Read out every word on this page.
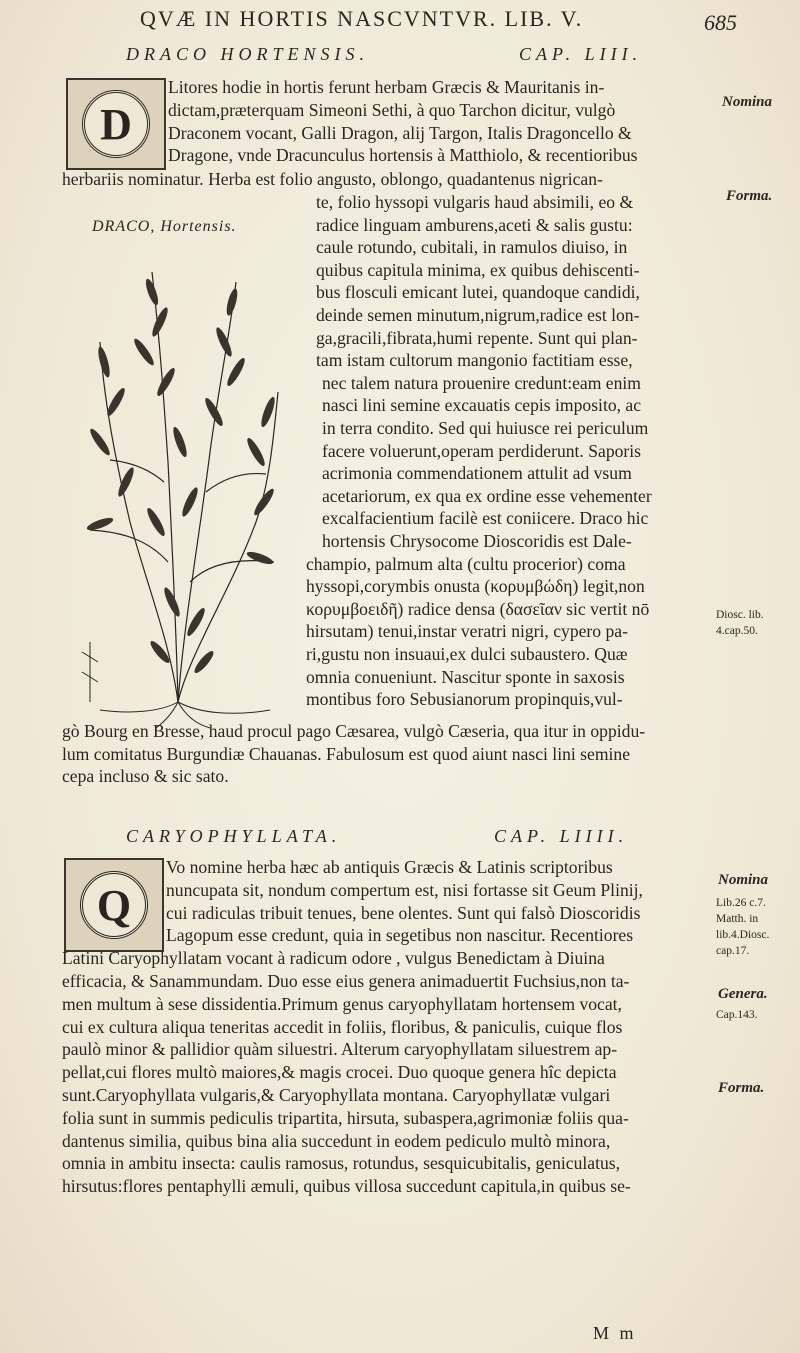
QVÆ IN HORTIS NASCVNTVR. LIB. V.	685
DRACO HORTENSIS.	CAP. LIII.
D
Litores hodie in hortis ferunt herbam Græcis & Mauritanis in-
dictam,præterquam Simeoni Sethi, à quo Tarchon dicitur, vulgò
Draconem vocant, Galli Dragon, alij Targon, Italis Dragoncello &
Dragone, vnde Dracunculus hortensis à Matthiolo, & recentioribus
herbariis nominatur. Herba est folio angusto, oblongo, quadantenus nigrican-
te, folio hyssopi vulgaris haud absimili, eo &
radice linguam amburens,aceti & salis gustu:
caule rotundo, cubitali, in ramulos diuiso, in
quibus capitula minima, ex quibus dehiscenti-
bus flosculi emicant lutei, quandoque candidi,
deinde semen minutum,nigrum,radice est lon-
ga,gracili,fibrata,humi repente. Sunt qui plan-
tam istam cultorum mangonio factitiam esse,
nec talem natura prouenire credunt:eam enim
nasci lini semine excauatis cepis imposito, ac
in terra condito. Sed qui huiusce rei periculum
facere voluerunt,operam perdiderunt. Saporis
acrimonia commendationem attulit ad vsum
acetariorum, ex qua ex ordine esse vehementer
excalfacientium facilè est coniicere. Draco hic
hortensis Chrysocome Dioscoridis est Dale-
champio, palmum alta (cultu procerior) coma
hyssopi,corymbis onusta (κορυμβώδη) legit,non
κορυμβοειδῆ) radice densa (δασεῖαν sic vertit nō
hirsutam) tenui,instar veratri nigri, cypero pa-
ri,gustu non insuaui,ex dulci subaustero. Quæ
omnia conueniunt. Nascitur sponte in saxosis
montibus foro Sebusianorum propinquis,vul-
gò Bourg en Bresse, haud procul pago Cæsarea, vulgò Cæseria, qua itur in oppidu-
lum comitatus Burgundiæ Chauanas. Fabulosum est quod aiunt nasci lini semine
cepa incluso & sic sato.
DRACO, Hortensis.
Nomina
Forma.
Diosc. lib.
4.cap.50.
CARYOPHYLLATA.	CAP. LIIII.
Q
Vo nomine herba hæc ab antiquis Græcis & Latinis scriptoribus
nuncupata sit, nondum compertum est, nisi fortasse sit Geum Plinij,
cui radiculas tribuit tenues, bene olentes. Sunt qui falsò Dioscoridis
Lagopum esse credunt, quia in segetibus non nascitur. Recentiores
Latini Caryophyllatam vocant à radicum odore , vulgus Benedictam à Diuina
efficacia, & Sanammundam. Duo esse eius genera animaduertit Fuchsius,non ta-
men multum à sese dissidentia.Primum genus caryophyllatam hortensem vocat,
cui ex cultura aliqua teneritas accedit in foliis, floribus, & paniculis, cuique flos
paulò minor & pallidior quàm siluestri. Alterum caryophyllatam siluestrem ap-
pellat,cui flores multò maiores,& magis crocei. Duo quoque genera hîc depicta
sunt.Caryophyllata vulgaris,& Caryophyllata montana. Caryophyllatæ vulgari
folia sunt in summis pediculis tripartita, hirsuta, subaspera,agrimoniæ foliis qua-
dantenus similia, quibus bina alia succedunt in eodem pediculo multò minora,
omnia in ambitu insecta: caulis ramosus, rotundus, sesquicubitalis, geniculatus,
hirsutus:flores pentaphylli æmuli, quibus villosa succedunt capitula,in quibus se-
Nomina
Lib.26 c.7.
Matth. in
lib.4.Diosc.
cap.17.
Genera.
Cap.143.
Forma.
M m
